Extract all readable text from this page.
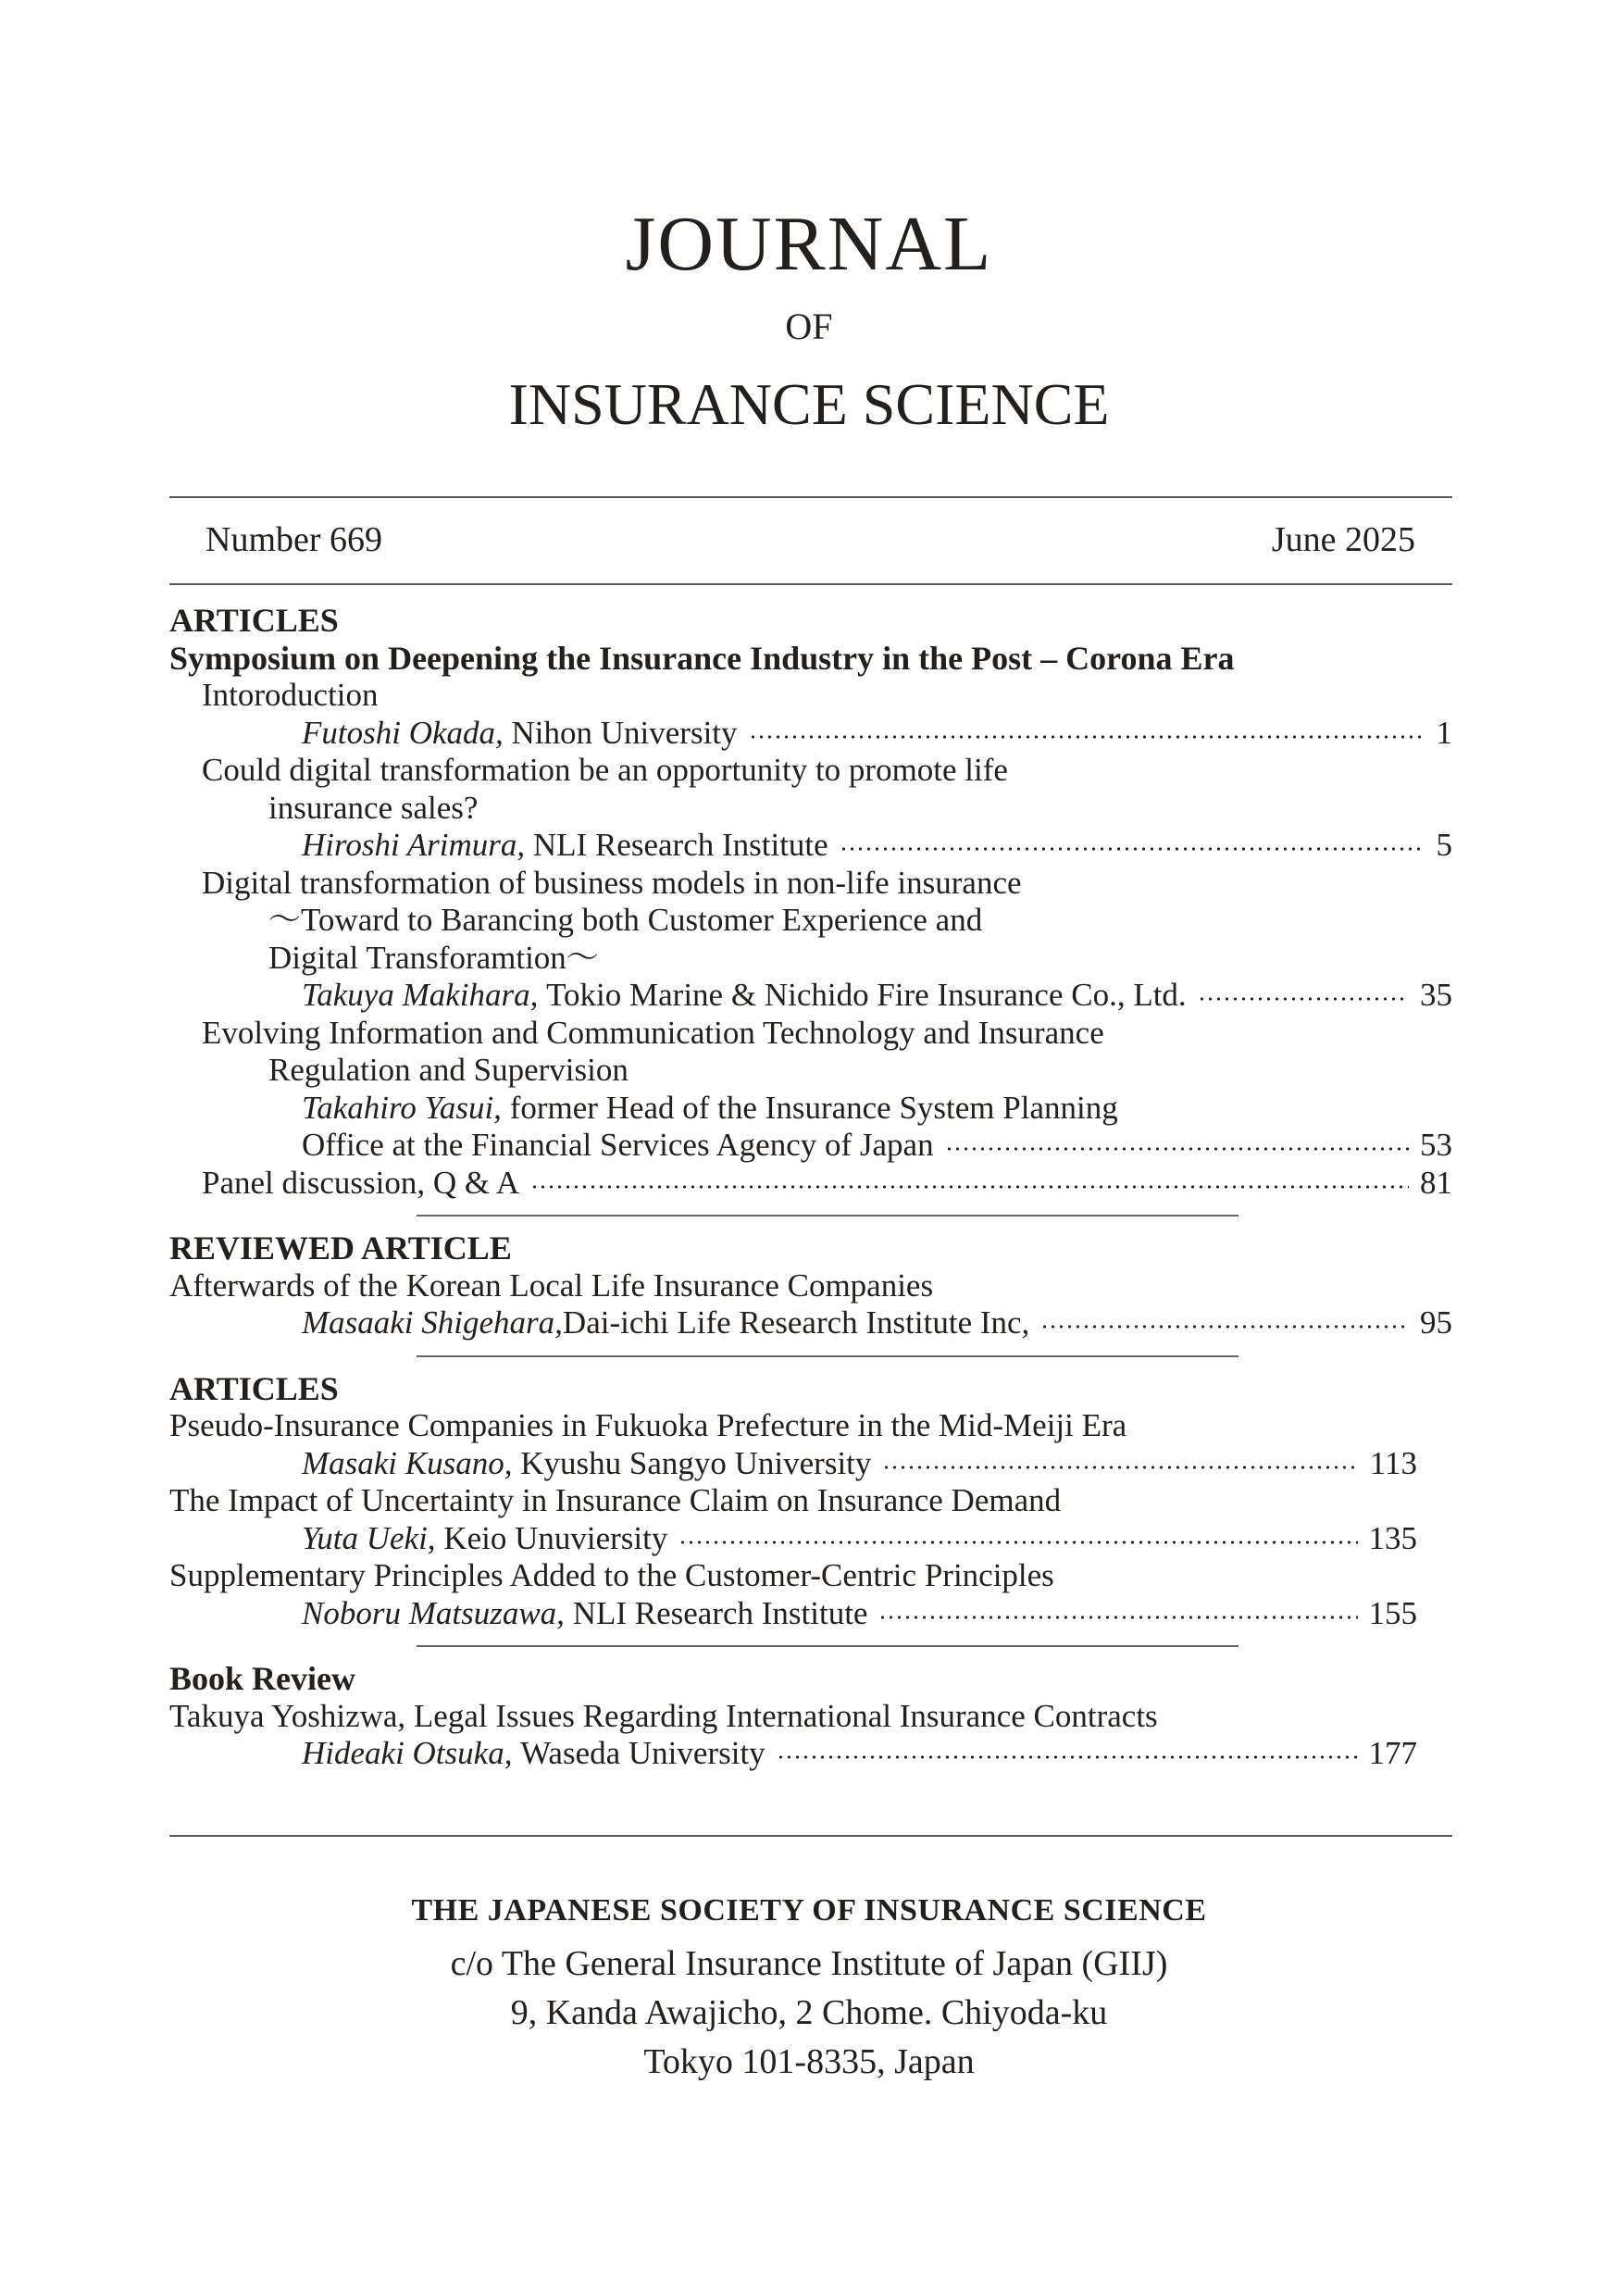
JOURNAL
OF
INSURANCE SCIENCE
Number 669	June 2025
ARTICLES
Symposium on Deepening the Insurance Industry in the Post – Corona Era
Intoroduction
Futoshi Okada,
Nihon University	1
Could digital transformation be an opportunity to promote life
insurance sales?
Hiroshi Arimura,
NLI Research Institute	5
Digital transformation of business models in non-life insurance
～Toward to Barancing both Customer Experience and
Digital Transforamtion～
Takuya Makihara,
Tokio Marine & Nichido Fire Insurance Co., Ltd.	35
Evolving Information and Communication Technology and Insurance
Regulation and Supervision
Takahiro Yasui, former Head of the Insurance System Planning
Office at the Financial Services Agency of Japan	53
Panel discussion, Q & A	81
REVIEWED ARTICLE
Afterwards of the Korean Local Life Insurance Companies
Masaaki Shigehara, Dai-ichi Life Research Institute Inc,	95
ARTICLES
Pseudo-Insurance Companies in Fukuoka Prefecture in the Mid-Meiji Era
Masaki Kusano,
Kyushu Sangyo University	113
The Impact of Uncertainty in Insurance Claim on Insurance Demand
Yuta Ueki,
Keio Unuviersity	135
Supplementary Principles Added to the Customer-Centric Principles
Noboru Matsuzawa,
NLI Research Institute	155
Book Review
Takuya Yoshizwa, Legal Issues Regarding International Insurance Contracts
Hideaki Otsuka,
Waseda University	177
THE JAPANESE SOCIETY OF INSURANCE SCIENCE
c/o The General Insurance Institute of Japan (GIIJ)
9, Kanda Awajicho, 2 Chome. Chiyoda-ku
Tokyo 101-8335, Japan
